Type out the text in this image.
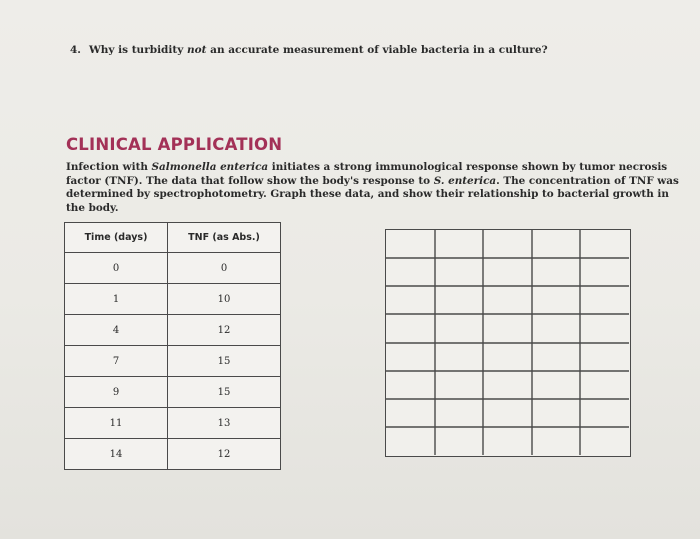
4. Why is turbidity not an accurate measurement of viable bacteria in a culture?
CLINICAL APPLICATION
Infection with Salmonella enterica initiates a strong immunological response shown by tumor necrosis factor (TNF). The data that follow show the body's response to S. enterica. The concentration of TNF was determined by spectrophotometry. Graph these data, and show their relationship to bacterial growth in the body.
Time (days)	TNF (as Abs.)
0	0
1	10
4	12
7	15
9	15
11	13
14	12
